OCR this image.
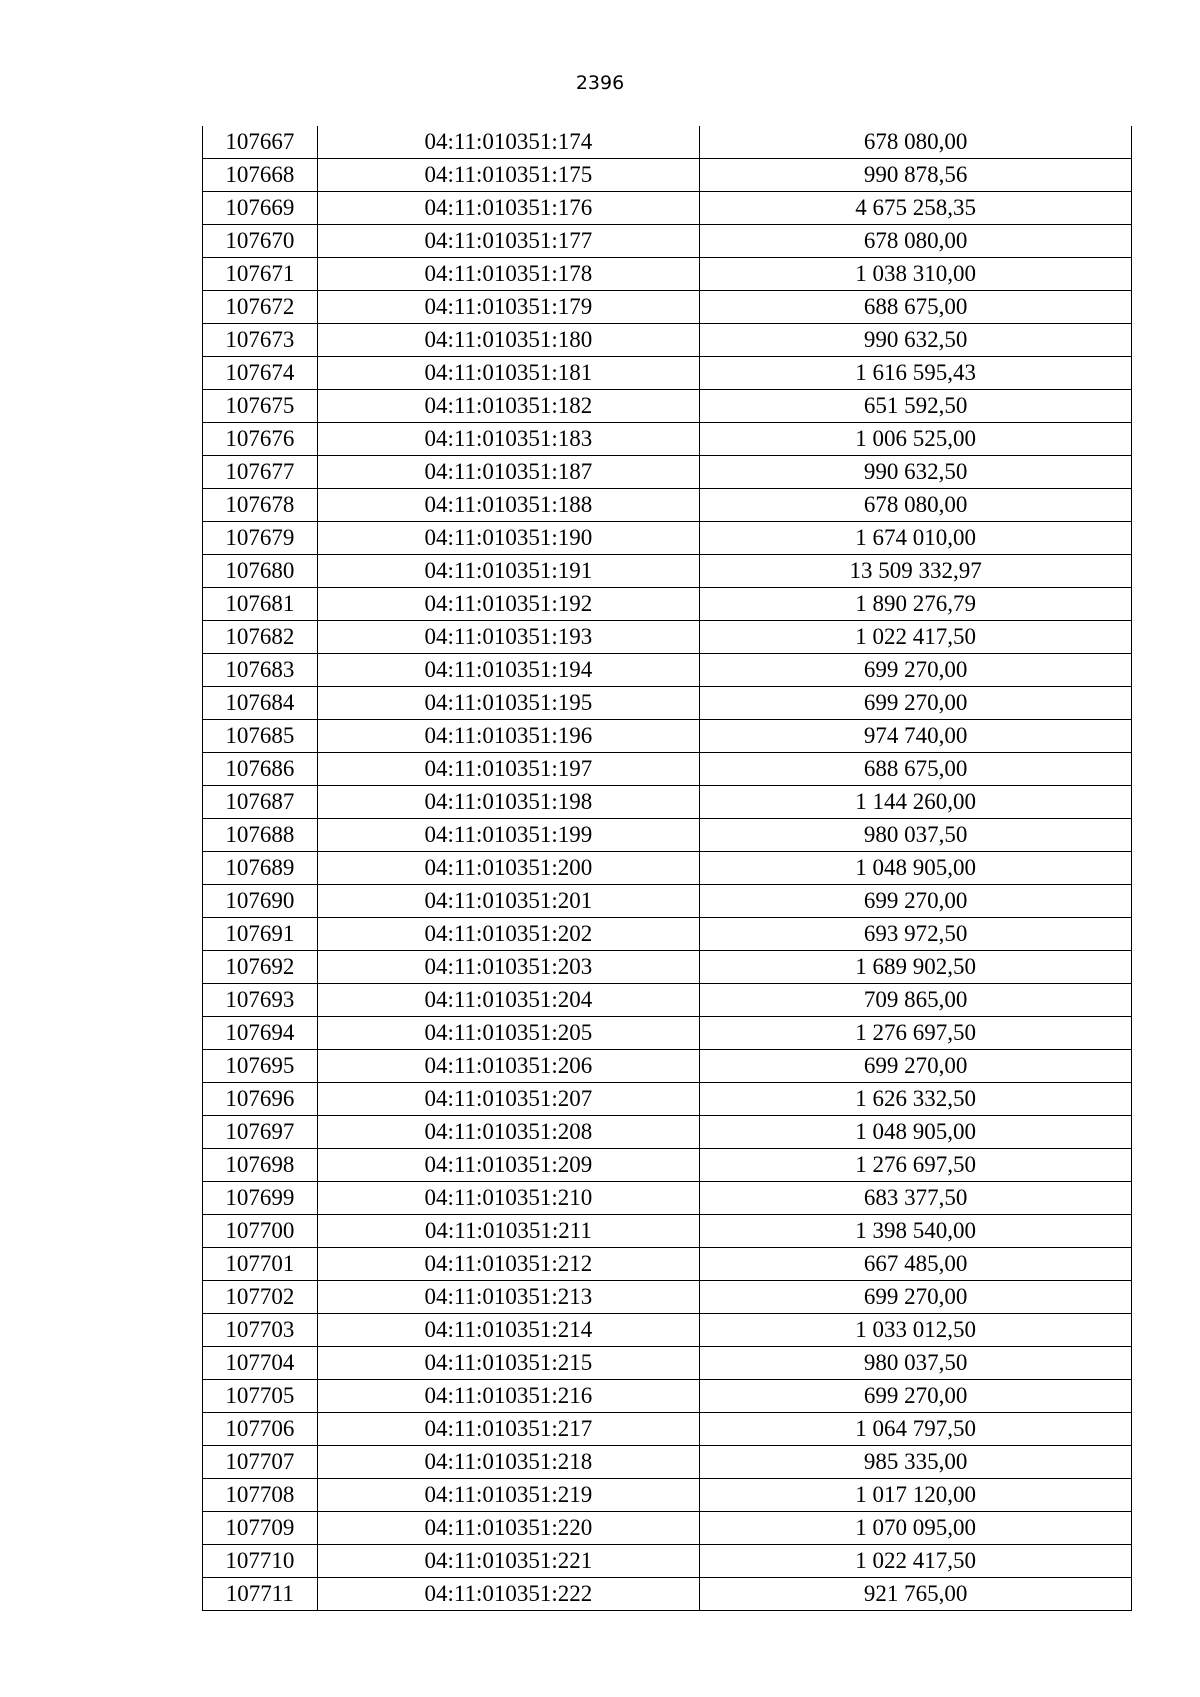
2396
107667	04:11:010351:174	678 080,00
107668	04:11:010351:175	990 878,56
107669	04:11:010351:176	4 675 258,35
107670	04:11:010351:177	678 080,00
107671	04:11:010351:178	1 038 310,00
107672	04:11:010351:179	688 675,00
107673	04:11:010351:180	990 632,50
107674	04:11:010351:181	1 616 595,43
107675	04:11:010351:182	651 592,50
107676	04:11:010351:183	1 006 525,00
107677	04:11:010351:187	990 632,50
107678	04:11:010351:188	678 080,00
107679	04:11:010351:190	1 674 010,00
107680	04:11:010351:191	13 509 332,97
107681	04:11:010351:192	1 890 276,79
107682	04:11:010351:193	1 022 417,50
107683	04:11:010351:194	699 270,00
107684	04:11:010351:195	699 270,00
107685	04:11:010351:196	974 740,00
107686	04:11:010351:197	688 675,00
107687	04:11:010351:198	1 144 260,00
107688	04:11:010351:199	980 037,50
107689	04:11:010351:200	1 048 905,00
107690	04:11:010351:201	699 270,00
107691	04:11:010351:202	693 972,50
107692	04:11:010351:203	1 689 902,50
107693	04:11:010351:204	709 865,00
107694	04:11:010351:205	1 276 697,50
107695	04:11:010351:206	699 270,00
107696	04:11:010351:207	1 626 332,50
107697	04:11:010351:208	1 048 905,00
107698	04:11:010351:209	1 276 697,50
107699	04:11:010351:210	683 377,50
107700	04:11:010351:211	1 398 540,00
107701	04:11:010351:212	667 485,00
107702	04:11:010351:213	699 270,00
107703	04:11:010351:214	1 033 012,50
107704	04:11:010351:215	980 037,50
107705	04:11:010351:216	699 270,00
107706	04:11:010351:217	1 064 797,50
107707	04:11:010351:218	985 335,00
107708	04:11:010351:219	1 017 120,00
107709	04:11:010351:220	1 070 095,00
107710	04:11:010351:221	1 022 417,50
107711	04:11:010351:222	921 765,00
